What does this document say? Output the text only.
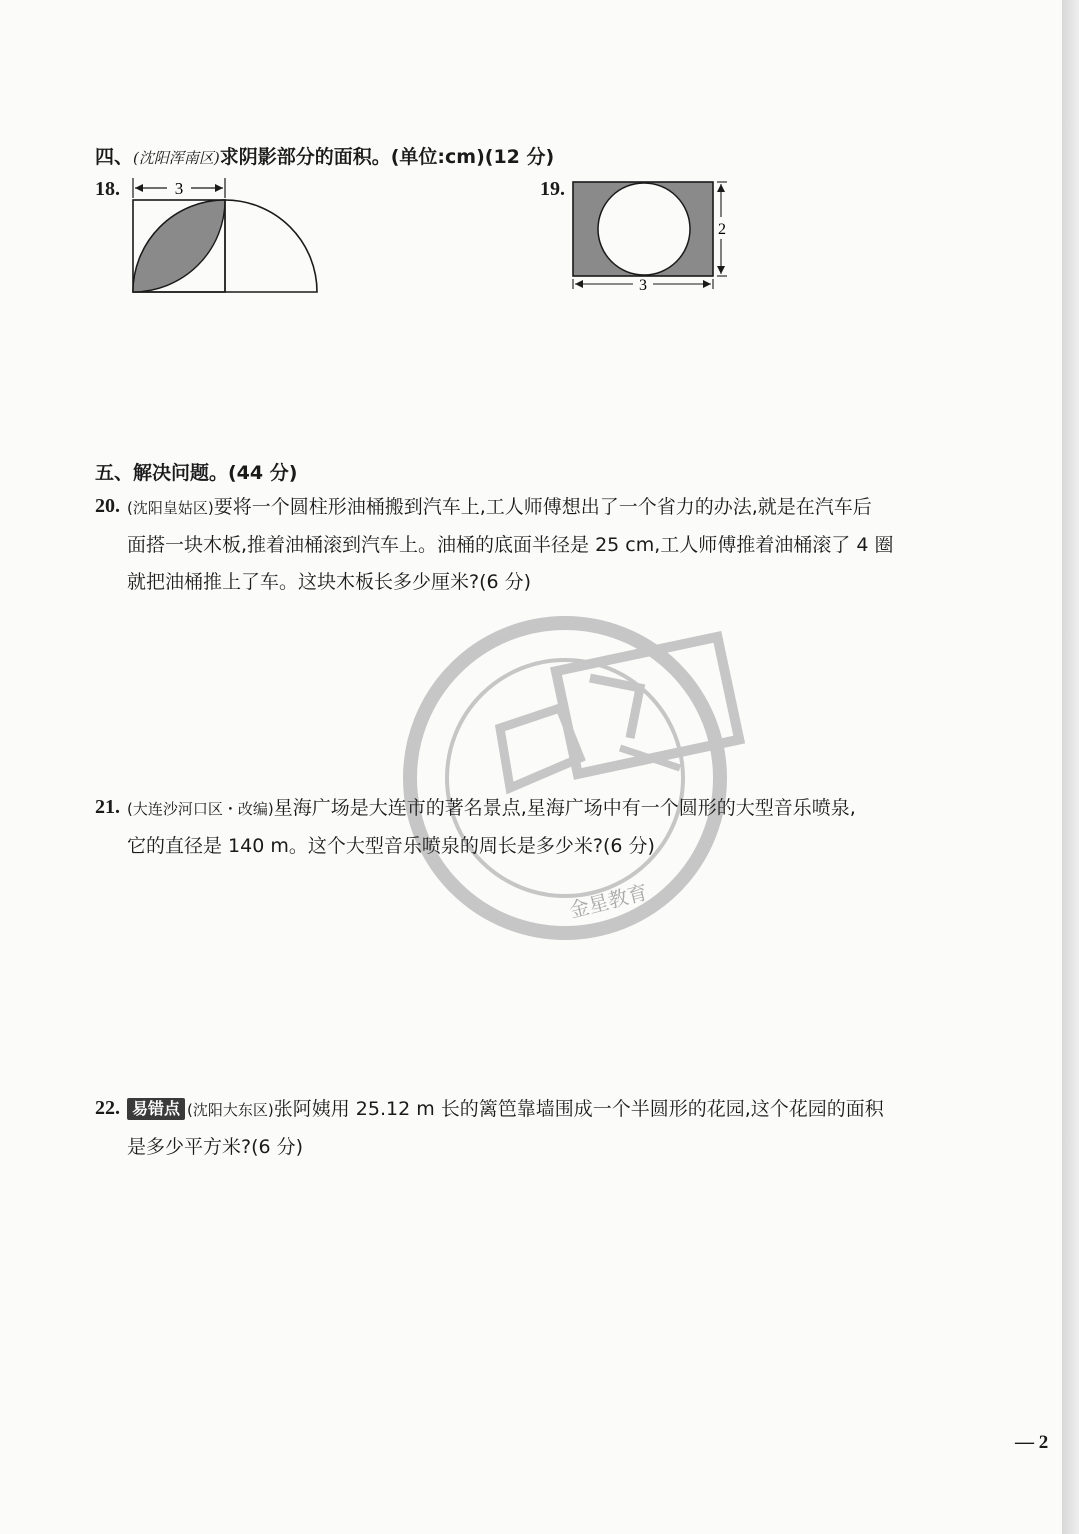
四、(沈阳浑南区)求阴影部分的面积。(单位:cm)(12 分)
18.	3	19.
2
3
五、解决问题。(44 分)
20. (沈阳皇姑区)要将一个圆柱形油桶搬到汽车上,工人师傅想出了一个省力的办法,就是在汽车后
面搭一块木板,推着油桶滚到汽车上。油桶的底面半径是 25 cm,工人师傅推着油桶滚了 4 圈
就把油桶推上了车。这块木板长多少厘米?(6 分)
金星教育
21. (大连沙河口区・改编)星海广场是大连市的著名景点,星海广场中有一个圆形的大型音乐喷泉,
它的直径是 140 m。这个大型音乐喷泉的周长是多少米?(6 分)
22. 易错点 (沈阳大东区)张阿姨用 25.12 m 长的篱笆靠墙围成一个半圆形的花园,这个花园的面积
是多少平方米?(6 分)
— 2
